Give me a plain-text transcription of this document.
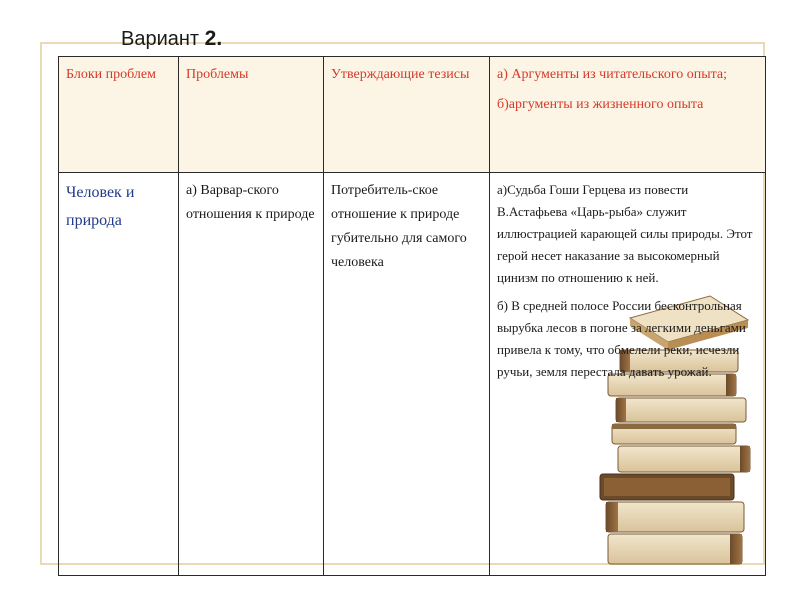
Вариант 2.
Блоки проблем	Проблемы	Утверждающие тезисы	а) Аргументы из читательского опыта;
б)аргументы из жизненного опыта

Человек и природа	а) Варвар-ского отношения к природе	Потребитель-ское отношение к природе губительно для самого человека	а)Судьба Гоши Герцева из повести В.Астафьева «Царь-рыба» служит иллюстрацией карающей силы природы. Этот герой несет наказание за высокомерный цинизм по отношению к ней.
б) В средней полосе России бесконтрольная вырубка лесов в погоне за легкими деньгами привела к тому, что обмелели реки, исчезли ручьи, земля перестала давать урожай.
